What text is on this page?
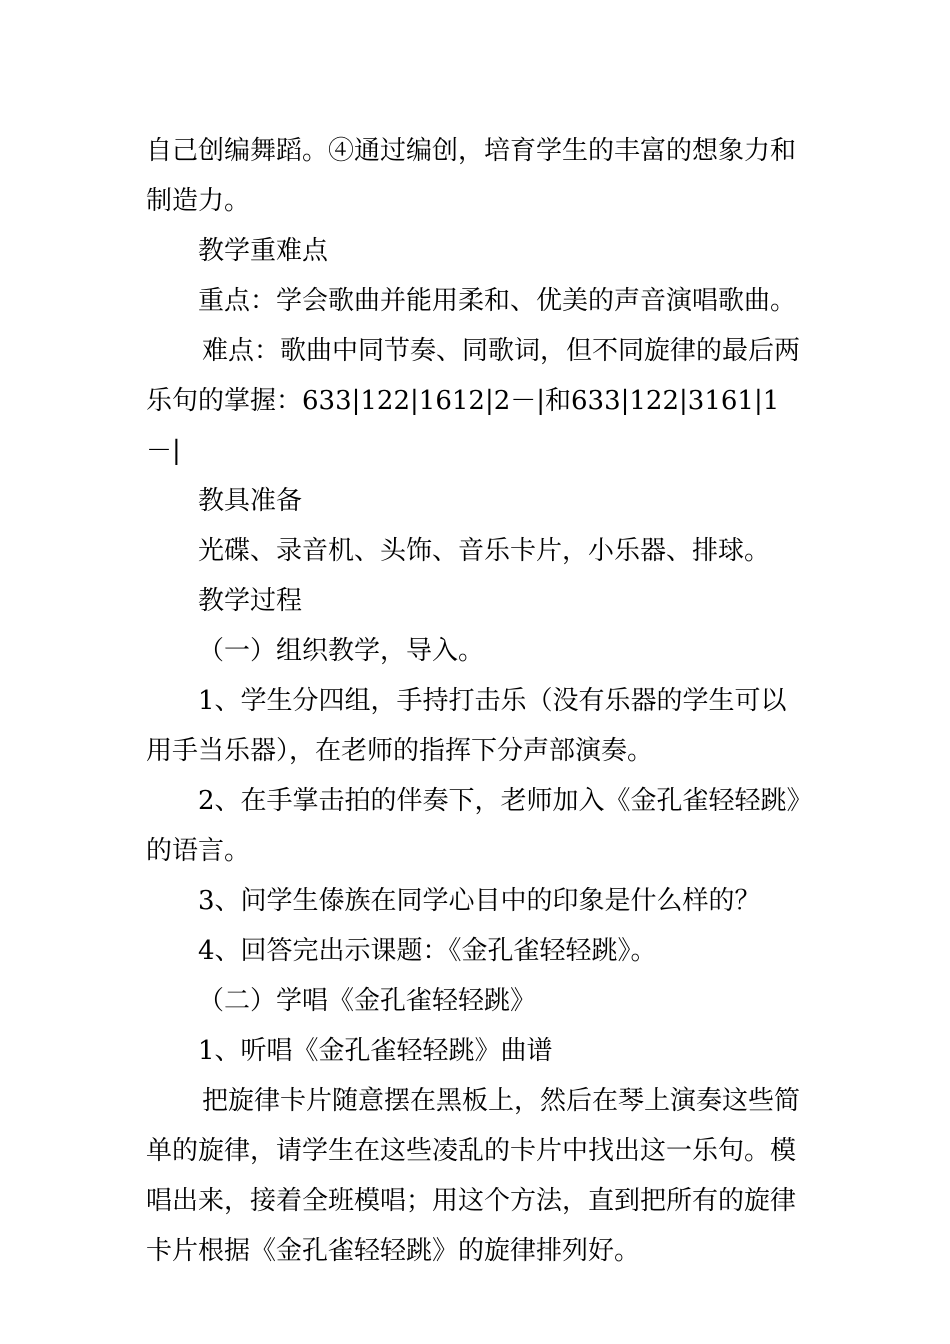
自己创编舞蹈。④通过编创，培育学生的丰富的想象力和制造力。

教学重难点

重点：学会歌曲并能用柔和、优美的声音演唱歌曲。

难点：歌曲中同节奏、同歌词，但不同旋律的最后两乐句的掌握：633|122|1612|2－|和633|122|3161|1－|

教具准备

光碟、录音机、头饰、音乐卡片，小乐器、排球。

教学过程

（一）组织教学，导入。

1、学生分四组，手持打击乐（没有乐器的学生可以用手当乐器），在老师的指挥下分声部演奏。

2、在手掌击拍的伴奏下，老师加入《金孔雀轻轻跳》的语言。

3、问学生傣族在同学心目中的印象是什么样的？

4、回答完出示课题：《金孔雀轻轻跳》。

（二）学唱《金孔雀轻轻跳》

1、听唱《金孔雀轻轻跳》曲谱

把旋律卡片随意摆在黑板上，然后在琴上演奏这些简单的旋律，请学生在这些凌乱的卡片中找出这一乐句。模唱出来，接着全班模唱；用这个方法，直到把所有的旋律卡片根据《金孔雀轻轻跳》的旋律排列好。
